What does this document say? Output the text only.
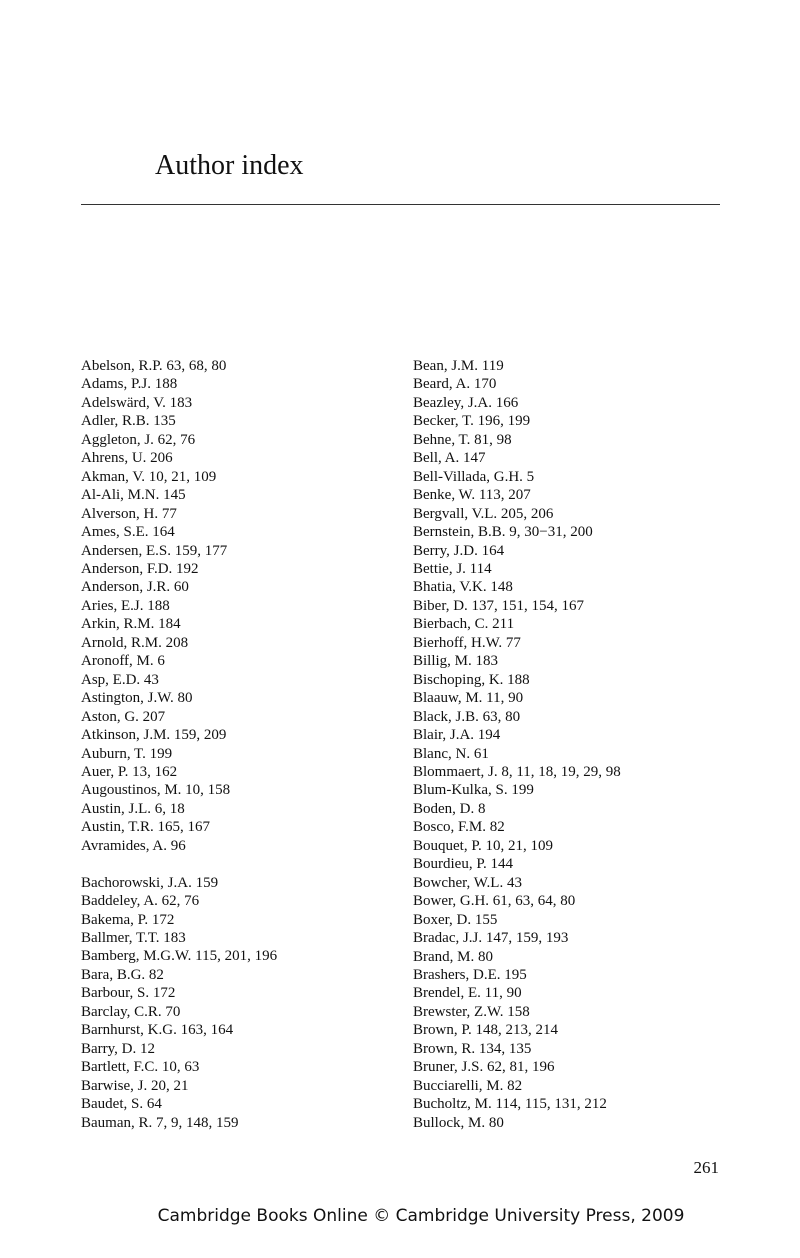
Author index
Abelson, R.P. 63, 68, 80
Adams, P.J. 188
Adelswärd, V. 183
Adler, R.B. 135
Aggleton, J. 62, 76
Ahrens, U. 206
Akman, V. 10, 21, 109
Al-Ali, M.N. 145
Alverson, H. 77
Ames, S.E. 164
Andersen, E.S. 159, 177
Anderson, F.D. 192
Anderson, J.R. 60
Aries, E.J. 188
Arkin, R.M. 184
Arnold, R.M. 208
Aronoff, M. 6
Asp, E.D. 43
Astington, J.W. 80
Aston, G. 207
Atkinson, J.M. 159, 209
Auburn, T. 199
Auer, P. 13, 162
Augoustinos, M. 10, 158
Austin, J.L. 6, 18
Austin, T.R. 165, 167
Avramides, A. 96
Bachorowski, J.A. 159
Baddeley, A. 62, 76
Bakema, P. 172
Ballmer, T.T. 183
Bamberg, M.G.W. 115, 201, 196
Bara, B.G. 82
Barbour, S. 172
Barclay, C.R. 70
Barnhurst, K.G. 163, 164
Barry, D. 12
Bartlett, F.C. 10, 63
Barwise, J. 20, 21
Baudet, S. 64
Bauman, R. 7, 9, 148, 159
Bean, J.M. 119
Beard, A. 170
Beazley, J.A. 166
Becker, T. 196, 199
Behne, T. 81, 98
Bell, A. 147
Bell-Villada, G.H. 5
Benke, W. 113, 207
Bergvall, V.L. 205, 206
Bernstein, B.B. 9, 30−31, 200
Berry, J.D. 164
Bettie, J. 114
Bhatia, V.K. 148
Biber, D. 137, 151, 154, 167
Bierbach, C. 211
Bierhoff, H.W. 77
Billig, M. 183
Bischoping, K. 188
Blaauw, M. 11, 90
Black, J.B. 63, 80
Blair, J.A. 194
Blanc, N. 61
Blommaert, J. 8, 11, 18, 19, 29, 98
Blum-Kulka, S. 199
Boden, D. 8
Bosco, F.M. 82
Bouquet, P. 10, 21, 109
Bourdieu, P. 144
Bowcher, W.L. 43
Bower, G.H. 61, 63, 64, 80
Boxer, D. 155
Bradac, J.J. 147, 159, 193
Brand, M. 80
Brashers, D.E. 195
Brendel, E. 11, 90
Brewster, Z.W. 158
Brown, P. 148, 213, 214
Brown, R. 134, 135
Bruner, J.S. 62, 81, 196
Bucciarelli, M. 82
Bucholtz, M. 114, 115, 131, 212
Bullock, M. 80
261
Cambridge Books Online © Cambridge University Press, 2009
